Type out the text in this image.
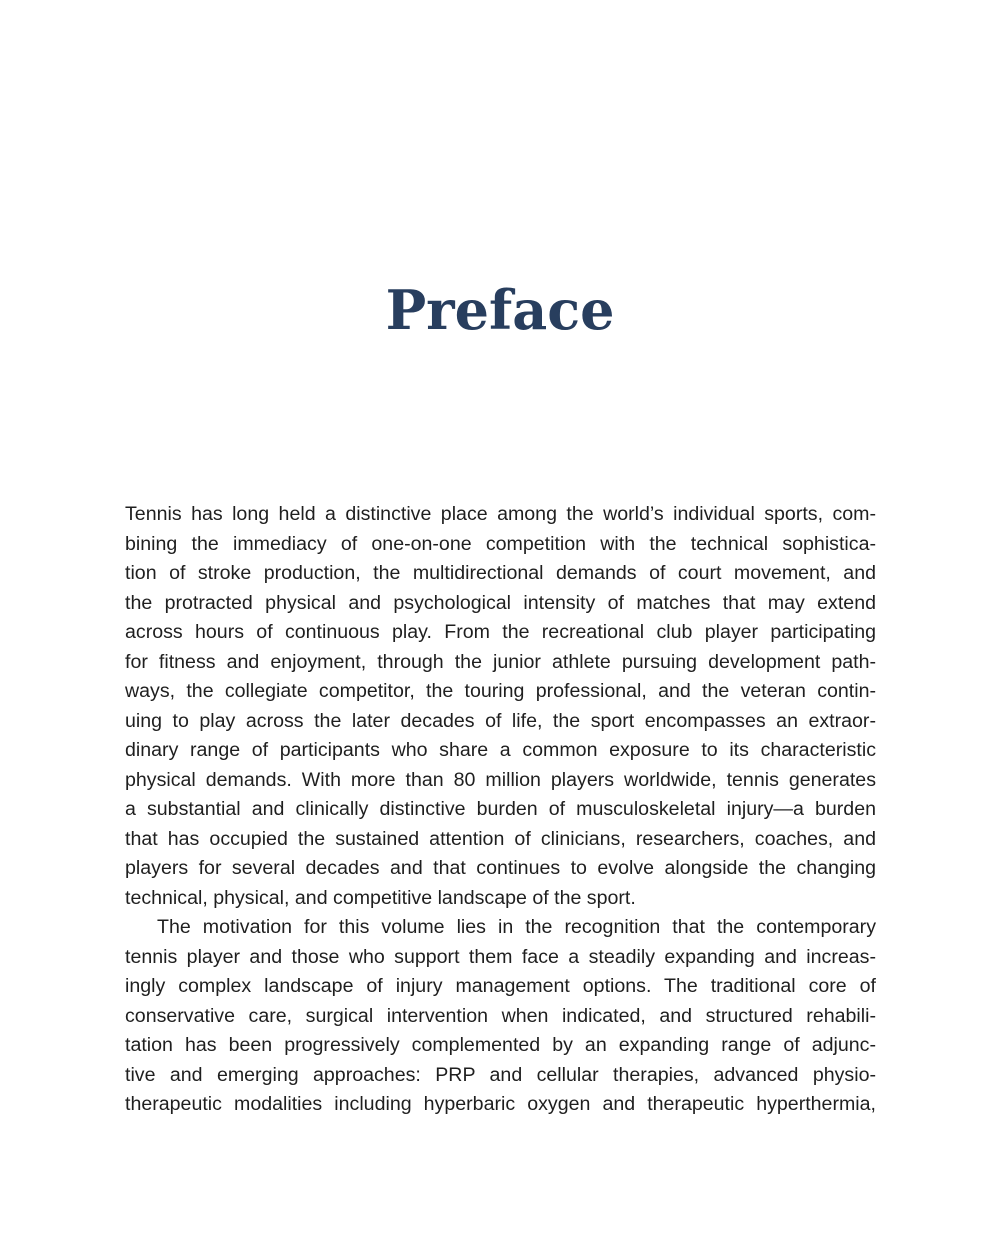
Preface
Tennis has long held a distinctive place among the world’s individual sports, com-
bining the immediacy of one-on-one competition with the technical sophistica-
tion of stroke production, the multidirectional demands of court movement, and
the protracted physical and psychological intensity of matches that may extend
across hours of continuous play. From the recreational club player participating
for fitness and enjoyment, through the junior athlete pursuing development path-
ways, the collegiate competitor, the touring professional, and the veteran contin-
uing to play across the later decades of life, the sport encompasses an extraor-
dinary range of participants who share a common exposure to its characteristic
physical demands. With more than 80 million players worldwide, tennis generates
a substantial and clinically distinctive burden of musculoskeletal injury—a burden
that has occupied the sustained attention of clinicians, researchers, coaches, and
players for several decades and that continues to evolve alongside the changing
technical, physical, and competitive landscape of the sport.
The motivation for this volume lies in the recognition that the contemporary
tennis player and those who support them face a steadily expanding and increas-
ingly complex landscape of injury management options. The traditional core of
conservative care, surgical intervention when indicated, and structured rehabili-
tation has been progressively complemented by an expanding range of adjunc-
tive and emerging approaches: PRP and cellular therapies, advanced physio-
therapeutic modalities including hyperbaric oxygen and therapeutic hyperthermia,
